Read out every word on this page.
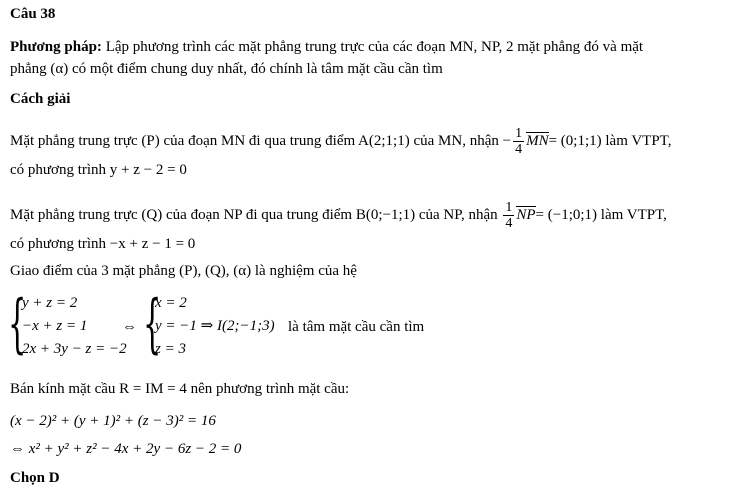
Câu 38
Phương pháp: Lập phương trình các mặt phẳng trung trực của các đoạn MN, NP, 2 mặt phẳng đó và mặt
phẳng (α) có một điểm chung duy nhất, đó chính là tâm mặt cầu cần tìm
Cách giải
Mặt phẳng trung trực (P) của đoạn MN đi qua trung điểm A(2;1;1) của MN, nhận − $\frac{1}{4} MN=$ (0;1;1) làm VTPT,
có phương trình y + z − 2 = 0
Mặt phẳng trung trực (Q) của đoạn NP đi qua trung điểm B(0;−1;1) của NP, nhận $\frac{1}{4} NP=$ (−1;0;1) làm VTPT,
có phương trình −x + z − 1 = 0
Giao điểm của 3 mặt phẳng (P), (Q), (α) là nghiệm của hệ
{
y + z = 2
−x + z = 1
2x + 3y − z = −2
⇔ {
x = 2
y = −1 ⇒ I(2;−1;3)
z = 3
là tâm mặt cầu cần tìm
Bán kính mặt cầu R = IM = 4 nên phương trình mặt cầu:
(x − 2)² + (y + 1)² + (z − 3)² = 16
⇔ x² + y² + z² − 4x + 2y − 6z − 2 = 0
Chọn D
